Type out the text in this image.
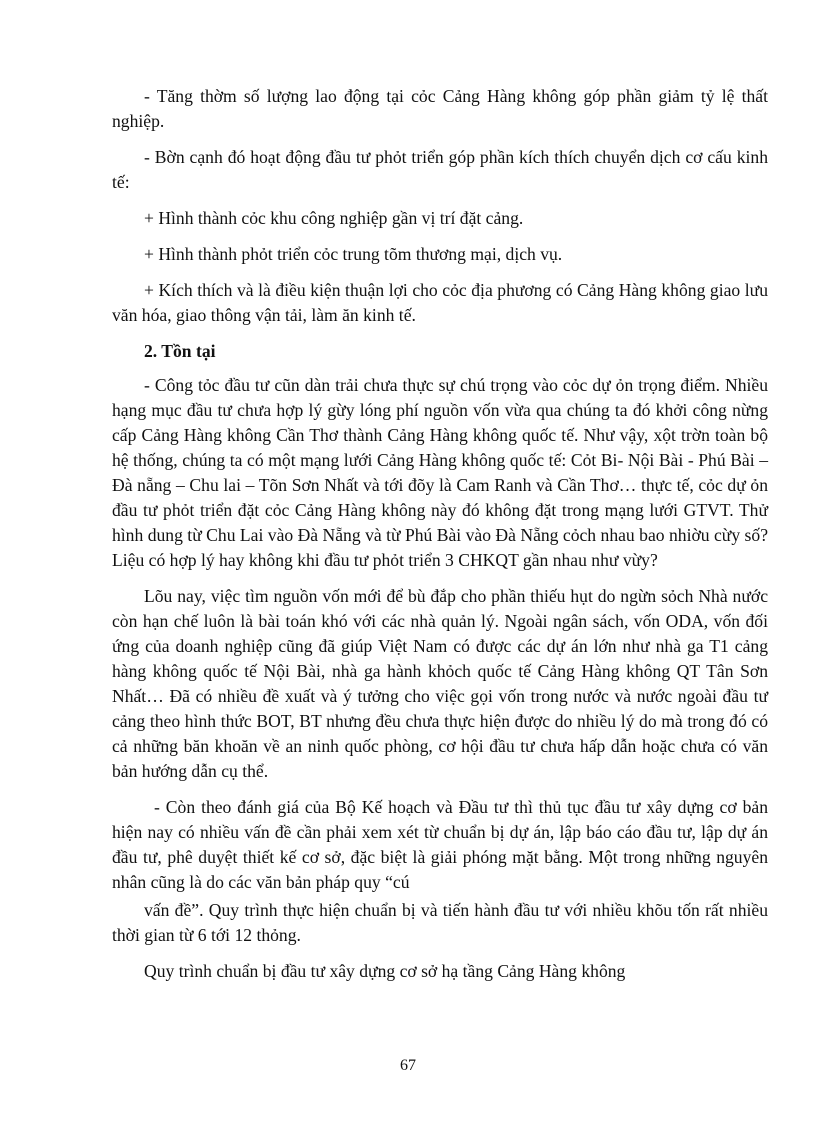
- Tăng thờm số lượng lao động tại cỏc Cảng Hàng không góp phần giảm tỷ lệ thất nghiệp.

- Bờn cạnh đó hoạt động đầu tư phỏt triển góp phần kích thích chuyển dịch cơ cấu kinh tế:

+ Hình thành cỏc khu công nghiệp gần vị trí đặt cảng.

+ Hình thành phỏt triển cỏc trung tõm thương mại, dịch vụ.

+ Kích thích và là điều kiện thuận lợi cho cỏc địa phương có Cảng Hàng không giao lưu văn hóa, giao thông vận tải, làm ăn kinh tế.

2. Tồn tại

- Công tỏc đầu tư cũn dàn trải chưa thực sự chú trọng vào cỏc dự ỏn trọng điểm. Nhiều hạng mục đầu tư chưa hợp lý gừy lóng phí nguồn vốn vừa qua chúng ta đó khởi công nừng cấp Cảng Hàng không Cần Thơ thành Cảng Hàng không quốc tế. Như vậy, xột trờn toàn bộ hệ thống, chúng ta có một mạng lưới Cảng Hàng không quốc tế: Cỏt Bi- Nội Bài - Phú Bài – Đà nẵng – Chu lai – Tõn Sơn Nhất và tới đõy là Cam Ranh và Cần Thơ… thực tế, cỏc dự ỏn đầu tư phỏt triển đặt cỏc Cảng Hàng không này đó không đặt trong mạng lưới GTVT. Thử hình dung từ Chu Lai vào Đà Nẵng và từ Phú Bài vào Đà Nẵng cỏch nhau bao nhiờu cừy số? Liệu có hợp lý hay không khi đầu tư phỏt triển 3 CHKQT gần nhau như vừy?

Lõu nay, việc tìm nguồn vốn mới để bù đắp cho phần thiếu hụt do ngừn sỏch Nhà nước còn hạn chế luôn là bài toán khó với các nhà quản lý. Ngoài ngân sách, vốn ODA, vốn đối ứng của doanh nghiệp cũng đã giúp Việt Nam có được các dự án lớn như nhà ga T1 cảng hàng không quốc tế Nội Bài, nhà ga hành khỏch quốc tế Cảng Hàng không QT Tân Sơn Nhất… Đã có nhiều đề xuất và ý tưởng cho việc gọi vốn trong nước và nước ngoài đầu tư cảng theo hình thức BOT, BT nhưng đều chưa thực hiện được do nhiều lý do mà trong đó có cả những băn khoăn về an ninh quốc phòng, cơ hội đầu tư chưa hấp dẫn hoặc chưa có văn bản hướng dẫn cụ thể.

- Còn theo đánh giá của Bộ Kế hoạch và Đầu tư thì thủ tục đầu tư xây dựng cơ bản hiện nay có nhiều vấn đề cần phải xem xét từ chuẩn bị dự án, lập báo cáo đầu tư, lập dự án đầu tư, phê duyệt thiết kế cơ sở, đặc biệt là giải phóng mặt bằng. Một trong những nguyên nhân cũng là do các văn bản pháp quy “cú

vấn đề”. Quy trình thực hiện chuẩn bị và tiến hành đầu tư với nhiều khõu tốn rất nhiều thời gian từ 6 tới 12 thỏng.

Quy trình chuẩn bị đầu tư xây dựng cơ sở hạ tầng Cảng Hàng không

67
